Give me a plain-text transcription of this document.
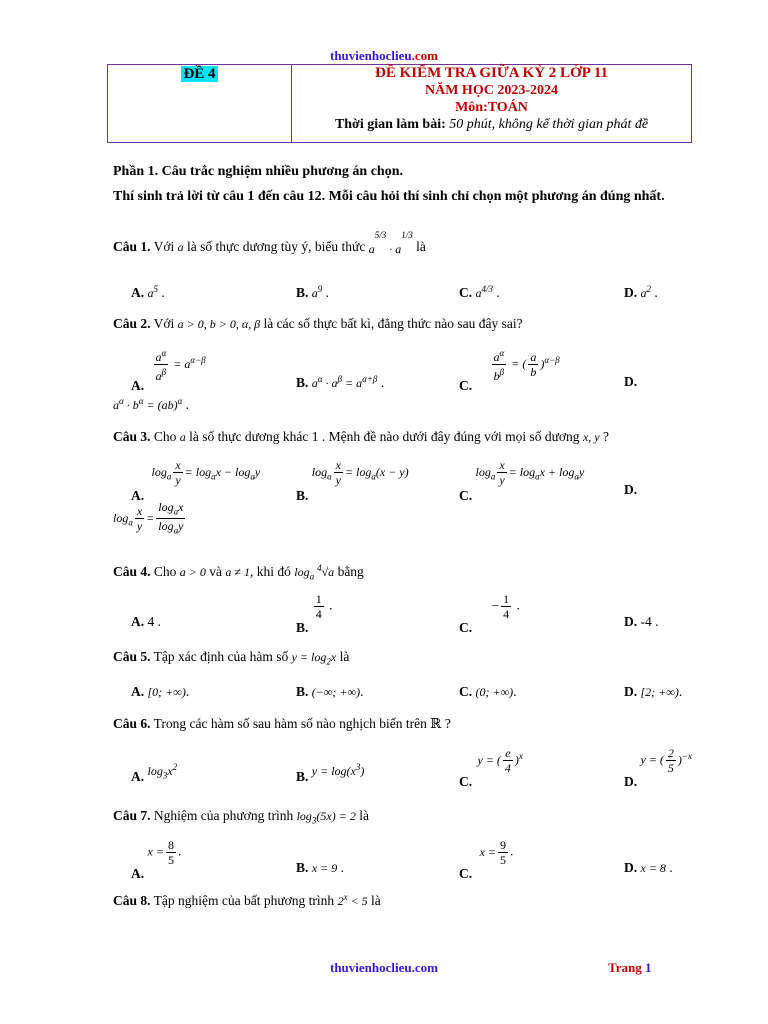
thuvienhoclieu.com
ĐỀ 4	ĐỀ KIỂM TRA GIỮA KỲ 2 LỚP 11
NĂM HỌC 2023-2024
Môn:TOÁN
Thời gian làm bài: 50 phút, không kể thời gian phát đề
Phần 1. Câu trắc nghiệm nhiều phương án chọn.
Thí sinh trả lời từ câu 1 đến câu 12. Mỗi câu hỏi thí sinh chỉ chọn một phương án đúng nhất.
Câu 1. Với a là số thực dương tùy ý, biểu thức $a^{5/3} \cdot a^{1/3}$ là
A. $a^5$ .	B. $a^9$ .	C. $a^{4/3}$ .	D. $a^2$ .
Câu 2. Với a > 0, b > 0, α, β là các số thực bất kì, đẳng thức nào sau đây sai?
A.
$\frac{a^\alpha}{a^\beta} = a^{\alpha-\beta}$
B. $a^\alpha \cdot a^\beta = a^{\alpha+\beta}$ .	C.
$\frac{a^\alpha}{b^\beta}$ = ( $\frac{a}{b} )^{\alpha-\beta}$
D.
$a^\alpha \cdot b^\alpha = (ab)^\alpha$ .
Câu 3. Cho a là số thực dương khác 1 . Mệnh đề nào dưới đây đúng với mọi số dương x, y ?
A. $\log_a \frac{x}{y} = \log_ax - \log_ay$
B. $\log_a \frac{x}{y} = \log_a(x - y)$
C. $\log_a \frac{x}{y} = \log_ax + \log_ay$
D.
$\log_a \frac{x}{y} = \frac{\log_ax}{\log_ay}$
Câu 4. Cho a > 0 và a ≠ 1, khi đó $\log_a ^4√a$ bằng
A. 4 .	B.
$\frac{1}{4}$ .
C. − $\frac{1}{4}$ .
D. -4 .
Câu 5. Tập xác định của hàm số $y = \log_2x$ là
A. [0; +∞).	B. (−∞; +∞).	C. (0; +∞).	D. [2; +∞).
Câu 6. Trong các hàm số sau hàm số nào nghịch biến trên ℝ ?
A. $\log_3x^2$
B. $y = \log(x^3)$
C. y = ( $\frac{e}{4} )^x$
D. y = ( $\frac{2}{5} )^{-x}$
Câu 7. Nghiệm của phương trình $\log_3(5x) = 2$ là
A. $x = \frac{8}{5}$ .
B. x = 9 .	C. $x = \frac{9}{5}$ .
D. x = 8 .
Câu 8. Tập nghiệm của bất phương trình $2^x < 5$ là
thuvienhoclieu.com	Trang 1
